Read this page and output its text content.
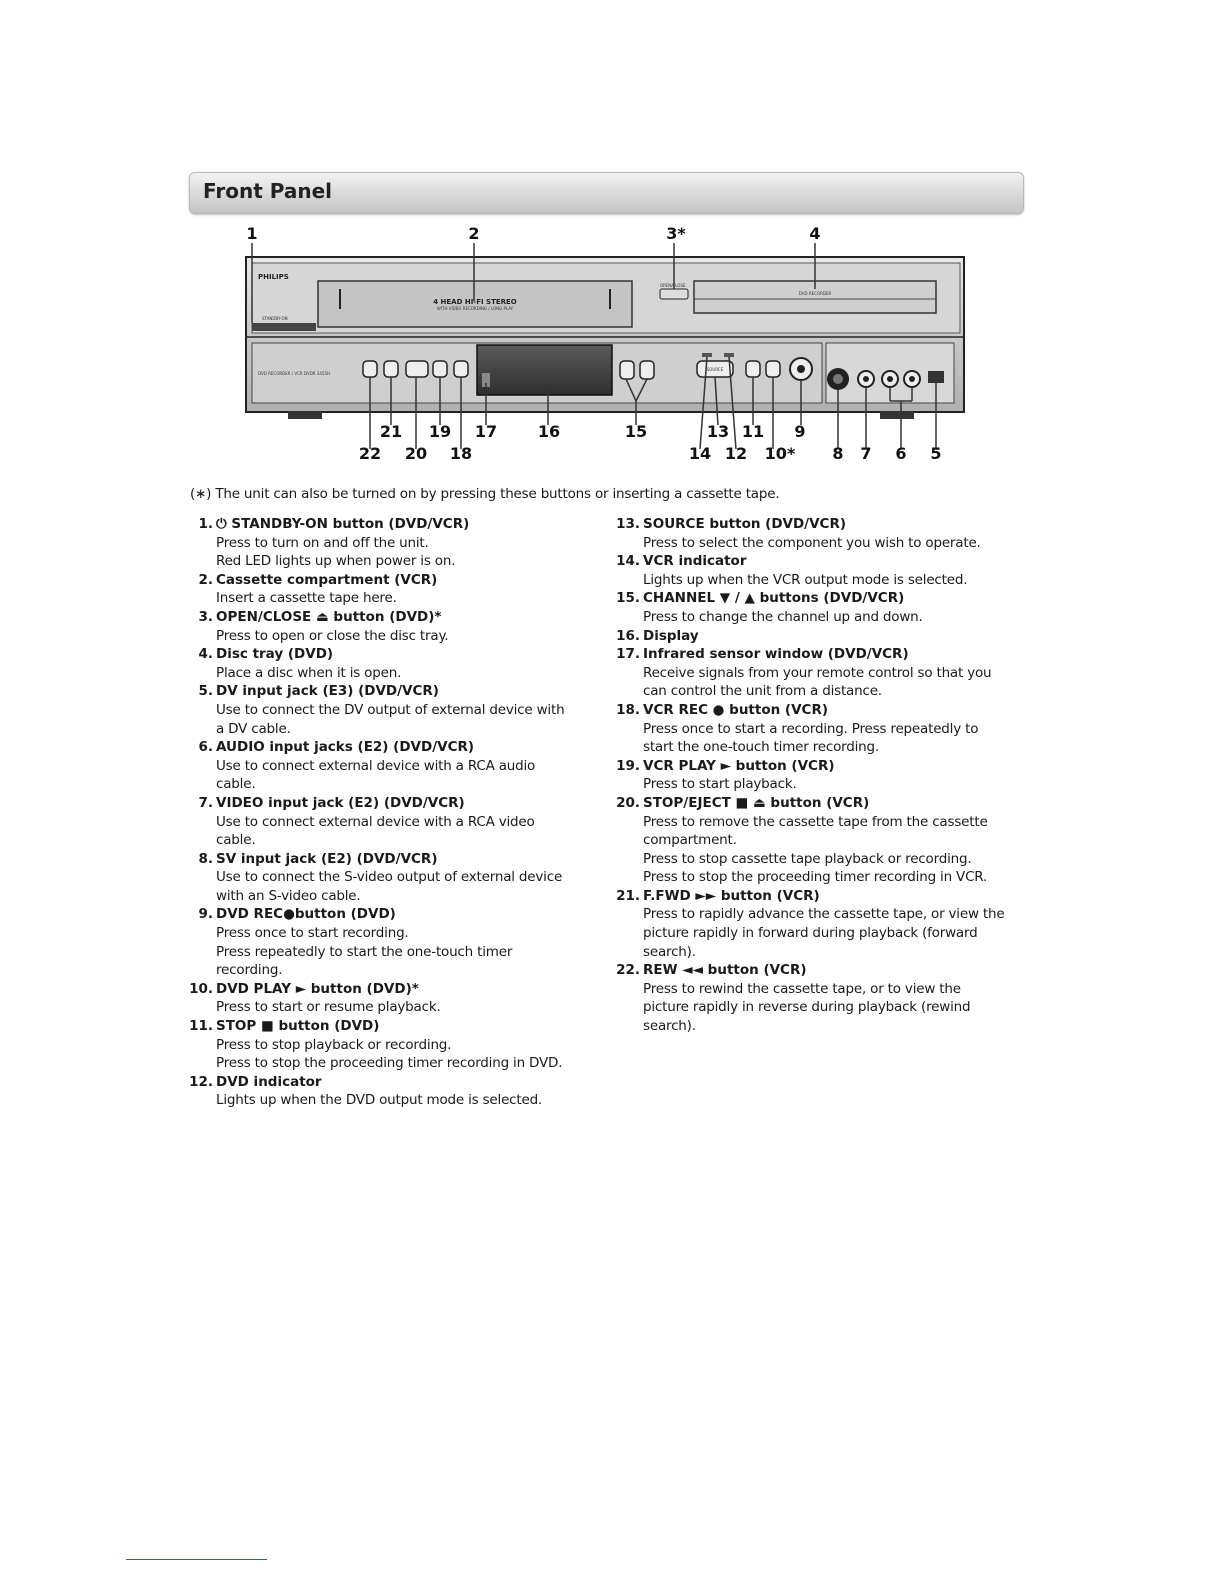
Front Panel
PHILIPS
STANDBY-ON
DVD RECORDER / VCR DVDR 3455H
4 HEAD HI-FI STEREO
WITH VIDEO RECORDING / LONG PLAY
OPEN/CLOSE
DVD RECORDER
SOURCE
1	2	3*	4
21 19 17	16	15	13 11 9
22 20 18	14 12 10* 8 7 6 5
(∗) The unit can also be turned on by pressing these buttons or inserting a cassette tape.
1. ⏻ STANDBY-ON button (DVD/VCR)
Press to turn on and off the unit.
Red LED lights up when power is on.
2. Cassette compartment (VCR)
Insert a cassette tape here.
3. OPEN/CLOSE ⏏ button (DVD)*
Press to open or close the disc tray.
4. Disc tray (DVD)
Place a disc when it is open.
5. DV input jack (E3) (DVD/VCR)
Use to connect the DV output of external device with
a DV cable.
6. AUDIO input jacks (E2) (DVD/VCR)
Use to connect external device with a RCA audio
cable.
7. VIDEO input jack (E2) (DVD/VCR)
Use to connect external device with a RCA video
cable.
8. SV input jack (E2) (DVD/VCR)
Use to connect the S-video output of external device
with an S-video cable.
9. DVD REC●button (DVD)
Press once to start recording.
Press repeatedly to start the one-touch timer
recording.
10. DVD PLAY ► button (DVD)*
Press to start or resume playback.
11. STOP ■ button (DVD)
Press to stop playback or recording.
Press to stop the proceeding timer recording in DVD.
12. DVD indicator
Lights up when the DVD output mode is selected.
13. SOURCE button (DVD/VCR)
Press to select the component you wish to operate.
14. VCR indicator
Lights up when the VCR output mode is selected.
15. CHANNEL ▼ / ▲ buttons (DVD/VCR)
Press to change the channel up and down.
16. Display
17. Infrared sensor window (DVD/VCR)
Receive signals from your remote control so that you
can control the unit from a distance.
18. VCR REC ● button (VCR)
Press once to start a recording. Press repeatedly to
start the one-touch timer recording.
19. VCR PLAY ► button (VCR)
Press to start playback.
20. STOP/EJECT ■ ⏏ button (VCR)
Press to remove the cassette tape from the cassette
compartment.
Press to stop cassette tape playback or recording.
Press to stop the proceeding timer recording in VCR.
21. F.FWD ►► button (VCR)
Press to rapidly advance the cassette tape, or view the
picture rapidly in forward during playback (forward
search).
22. REW ◄◄ button (VCR)
Press to rewind the cassette tape, or to view the
picture rapidly in reverse during playback (rewind
search).
